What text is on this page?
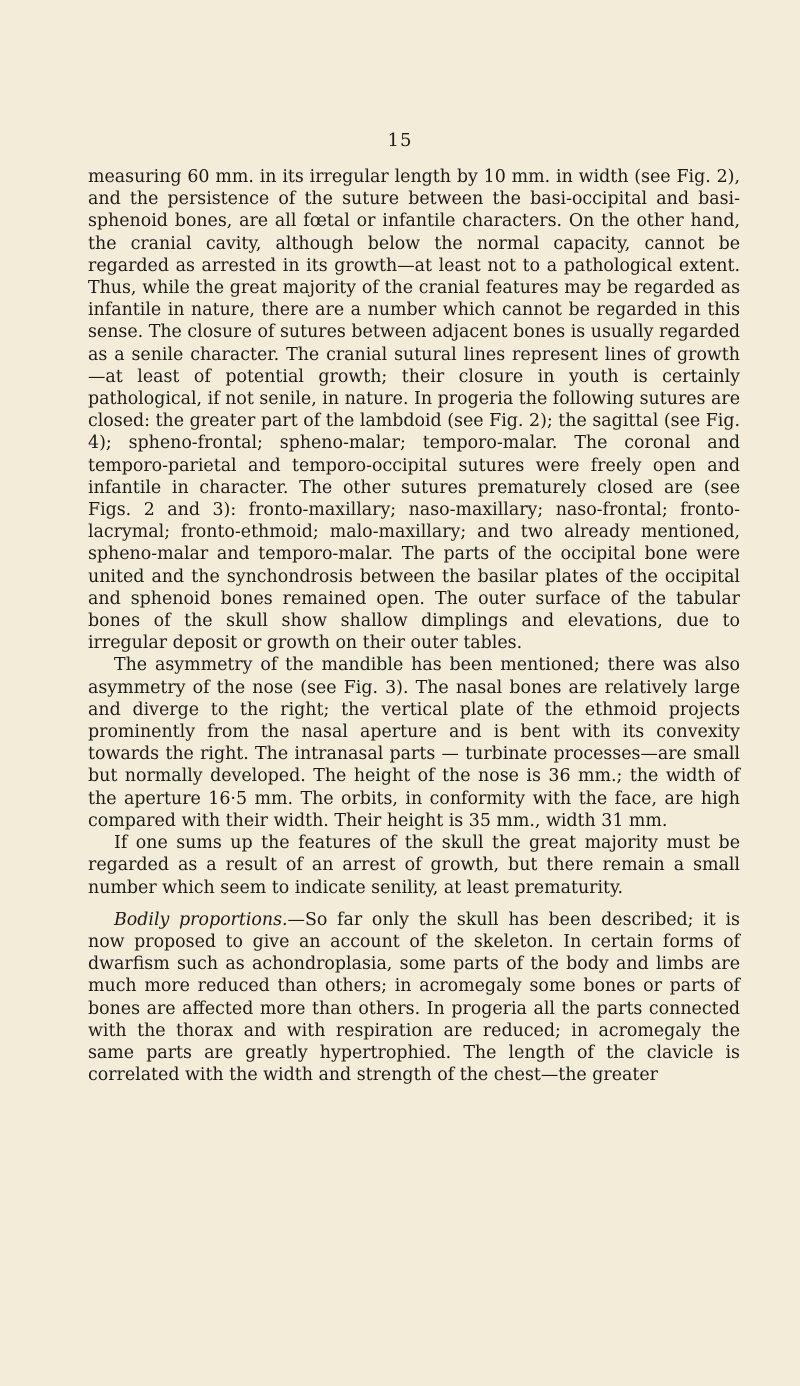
15

measuring 60 mm. in its irregular length by 10 mm. in width (see Fig. 2), and the persistence of the suture between the basi-occipital and basi-sphenoid bones, are all fœtal or infantile characters. On the other hand, the cranial cavity, although below the normal capacity, cannot be regarded as arrested in its growth—at least not to a pathological extent. Thus, while the great majority of the cranial features may be regarded as infantile in nature, there are a number which cannot be regarded in this sense. The closure of sutures between adjacent bones is usually regarded as a senile character. The cranial sutural lines represent lines of growth—at least of potential growth; their closure in youth is certainly pathological, if not senile, in nature. In progeria the following sutures are closed: the greater part of the lambdoid (see Fig. 2); the sagittal (see Fig. 4); spheno-frontal; spheno-malar; temporo-malar. The coronal and temporo-parietal and temporo-occipital sutures were freely open and infantile in character. The other sutures prematurely closed are (see Figs. 2 and 3): fronto-maxillary; naso-maxillary; naso-frontal; fronto-lacrymal; fronto-ethmoid; malo-maxillary; and two already mentioned, spheno-malar and temporo-malar. The parts of the occipital bone were united and the synchondrosis between the basilar plates of the occipital and sphenoid bones remained open. The outer surface of the tabular bones of the skull show shallow dimplings and elevations, due to irregular deposit or growth on their outer tables.

The asymmetry of the mandible has been mentioned; there was also asymmetry of the nose (see Fig. 3). The nasal bones are relatively large and diverge to the right; the vertical plate of the ethmoid projects prominently from the nasal aperture and is bent with its convexity towards the right. The intranasal parts — turbinate processes—are small but normally developed. The height of the nose is 36 mm.; the width of the aperture 16·5 mm. The orbits, in conformity with the face, are high compared with their width. Their height is 35 mm., width 31 mm.

If one sums up the features of the skull the great majority must be regarded as a result of an arrest of growth, but there remain a small number which seem to indicate senility, at least prematurity.

Bodily proportions.—So far only the skull has been described; it is now proposed to give an account of the skeleton. In certain forms of dwarfism such as achondroplasia, some parts of the body and limbs are much more reduced than others; in acromegaly some bones or parts of bones are affected more than others. In progeria all the parts connected with the thorax and with respiration are reduced; in acromegaly the same parts are greatly hypertrophied. The length of the clavicle is correlated with the width and strength of the chest—the greater
